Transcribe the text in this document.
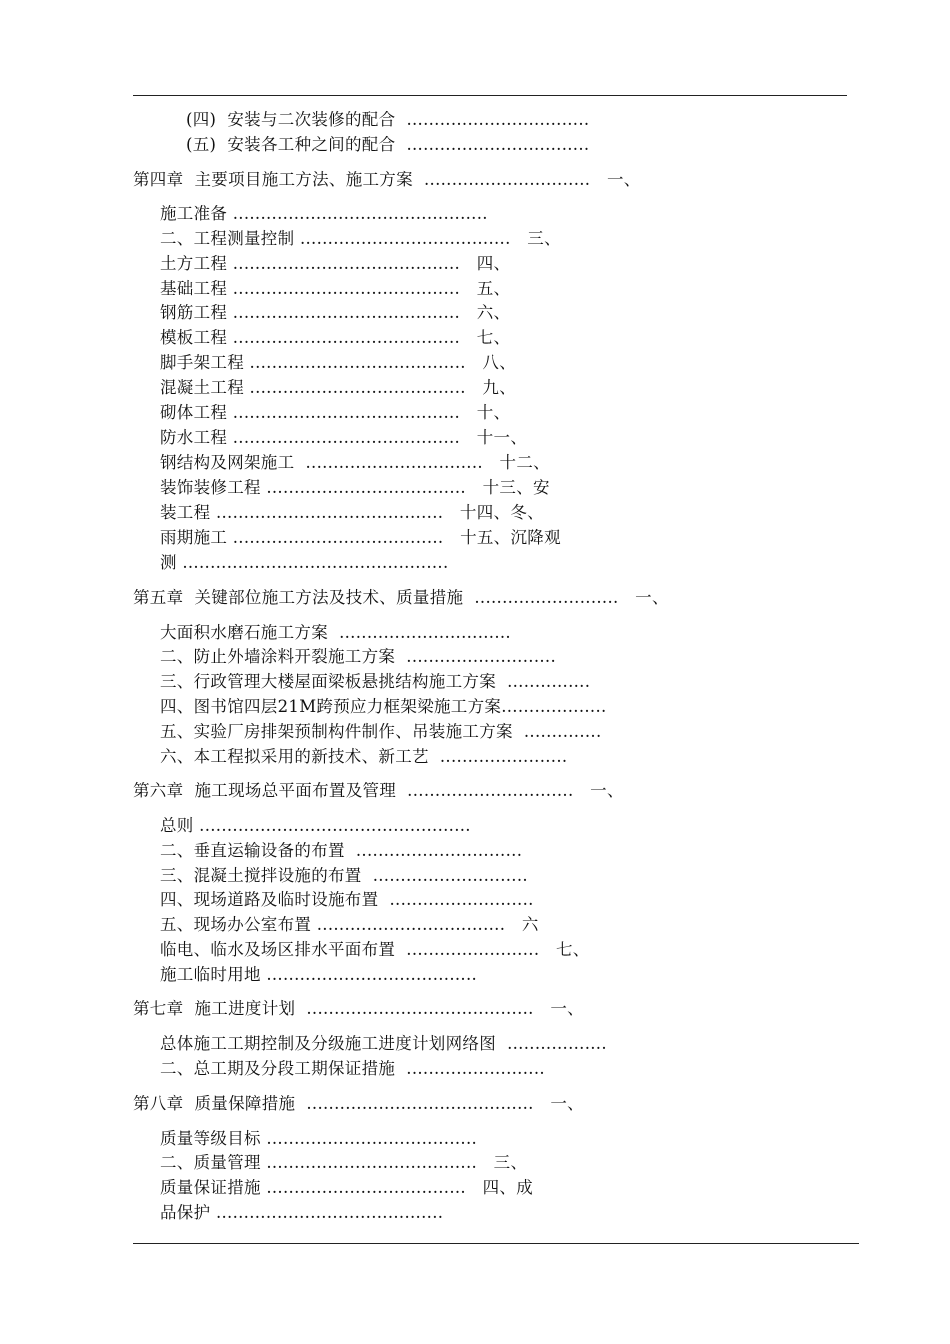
(四)  安装与二次装修的配合  .................................
(五)  安装各工种之间的配合  .................................
第四章  主要项目施工方法、施工方案  ..............................   一、
施工准备 ..............................................
二、工程测量控制 ......................................   三、
土方工程 .........................................   四、
基础工程 .........................................   五、
钢筋工程 .........................................   六、
模板工程 .........................................   七、
脚手架工程 .......................................   八、
混凝土工程 .......................................   九、
砌体工程 .........................................   十、
防水工程 .........................................   十一、
钢结构及网架施工  ................................   十二、
装饰装修工程 ....................................   十三、安
装工程 .........................................   十四、冬、
雨期施工 ......................................   十五、沉降观
测 ................................................
第五章  关键部位施工方法及技术、质量措施  ..........................   一、
大面积水磨石施工方案  ...............................
二、防止外墙涂料开裂施工方案  ...........................
三、行政管理大楼屋面梁板悬挑结构施工方案  ...............
四、图书馆四层21M跨预应力框架梁施工方案...................
五、实验厂房排架预制构件制作、吊装施工方案  ..............
六、本工程拟采用的新技术、新工艺  .......................
第六章  施工现场总平面布置及管理  ..............................   一、
总则 .................................................
二、垂直运输设备的布置  ..............................
三、混凝土搅拌设施的布置  ............................
四、现场道路及临时设施布置  ..........................
五、现场办公室布置 ..................................   六
临电、临水及场区排水平面布置  ........................   七、
施工临时用地 ......................................
第七章  施工进度计划  .........................................   一、
总体施工工期控制及分级施工进度计划网络图  ..................
二、总工期及分段工期保证措施  .........................
第八章  质量保障措施  .........................................   一、
质量等级目标 ......................................
二、质量管理 ......................................   三、
质量保证措施 ....................................   四、成
品保护 .........................................
